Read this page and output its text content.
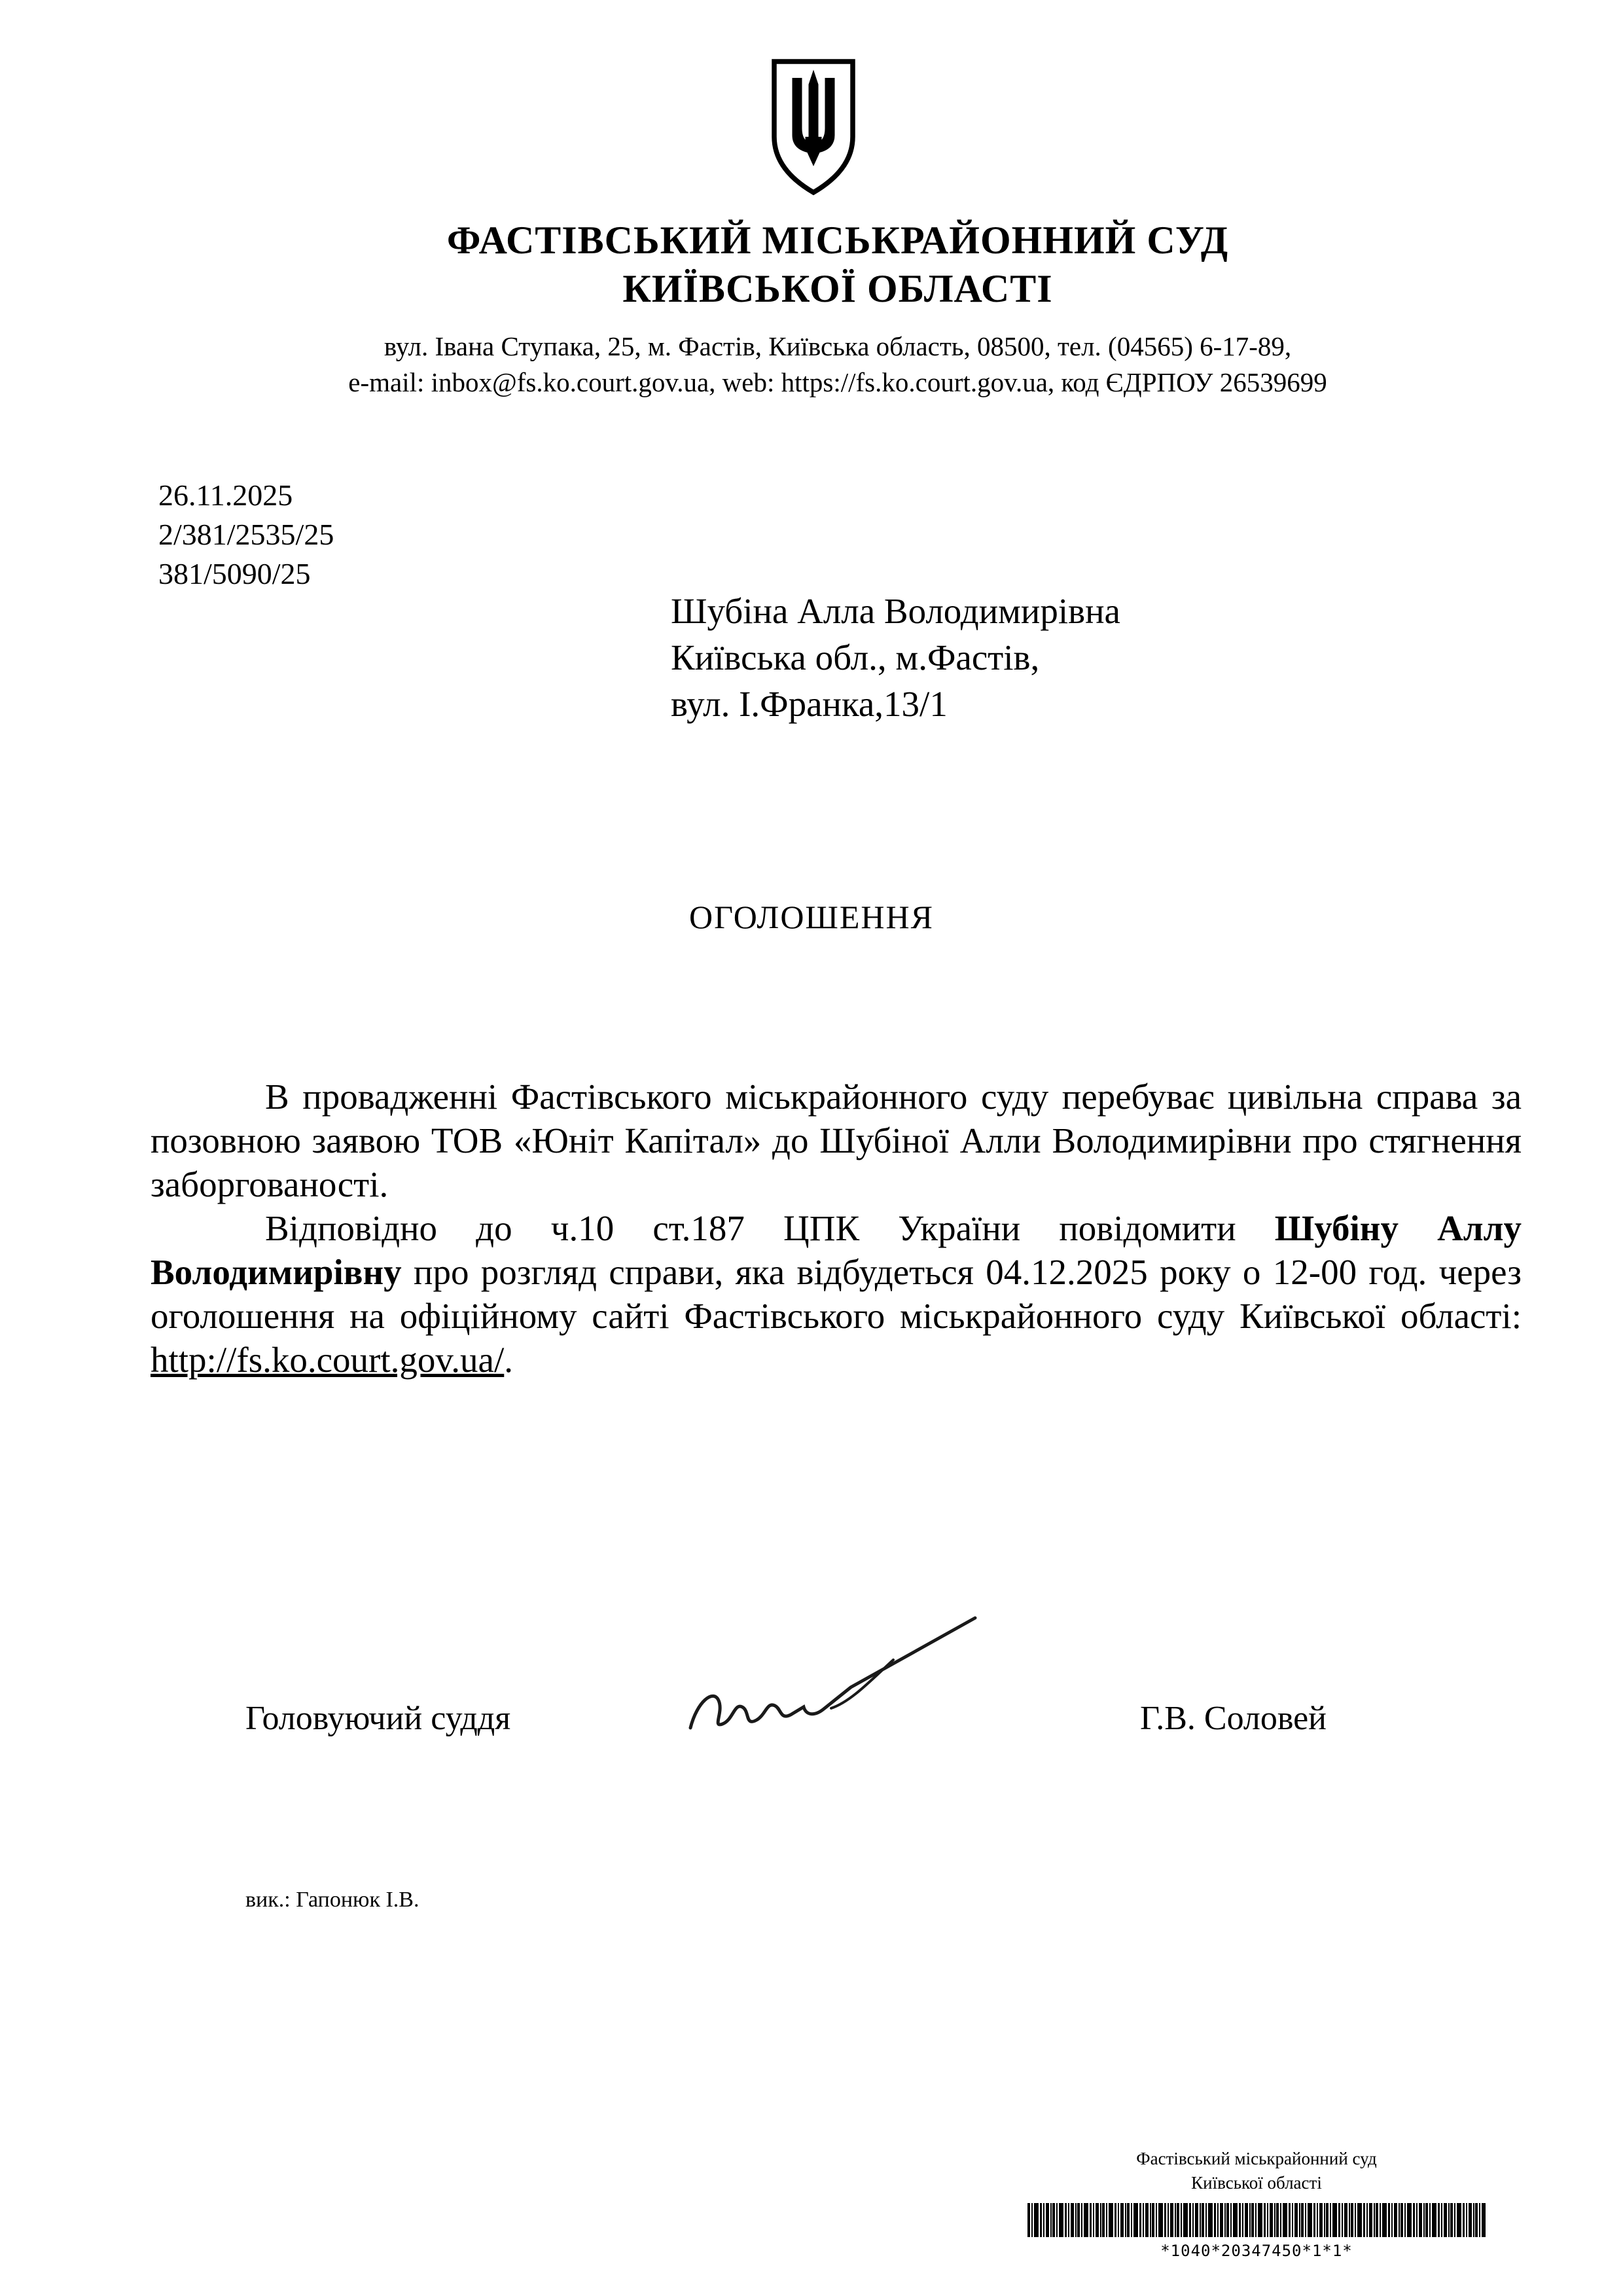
ФАСТІВСЬКИЙ МІСЬКРАЙОННИЙ СУД
КИЇВСЬКОЇ ОБЛАСТІ
вул. Івана Ступака, 25, м. Фастів, Київська область, 08500, тел. (04565) 6-17-89,
e-mail: inbox@fs.ko.court.gov.ua, web: https://fs.ko.court.gov.ua, код ЄДРПОУ 26539699
26.11.2025
2/381/2535/25
381/5090/25
Шубіна Алла Володимирівна
Київська обл., м.Фастів,
вул. І.Франка,13/1
ОГОЛОШЕННЯ

В провадженні Фастівського міськрайонного суду перебуває цивільна справа за позовною заявою ТОВ «Юніт Капітал» до Шубіної Алли Володимирівни про стягнення заборгованості.

Відповідно до ч.10 ст.187 ЦПК України повідомити Шубіну Аллу Володимирівну про розгляд справи, яка відбудеться 04.12.2025 року о 12-00 год. через оголошення на офіційному сайті Фастівського міськрайонного суду Київської області: http://fs.ko.court.gov.ua/.

Головуючий суддя	Г.В. Соловей
вик.: Гапонюк І.В.
Фастівський міськрайонний суд
Київської області
*1040*20347450*1*1*
